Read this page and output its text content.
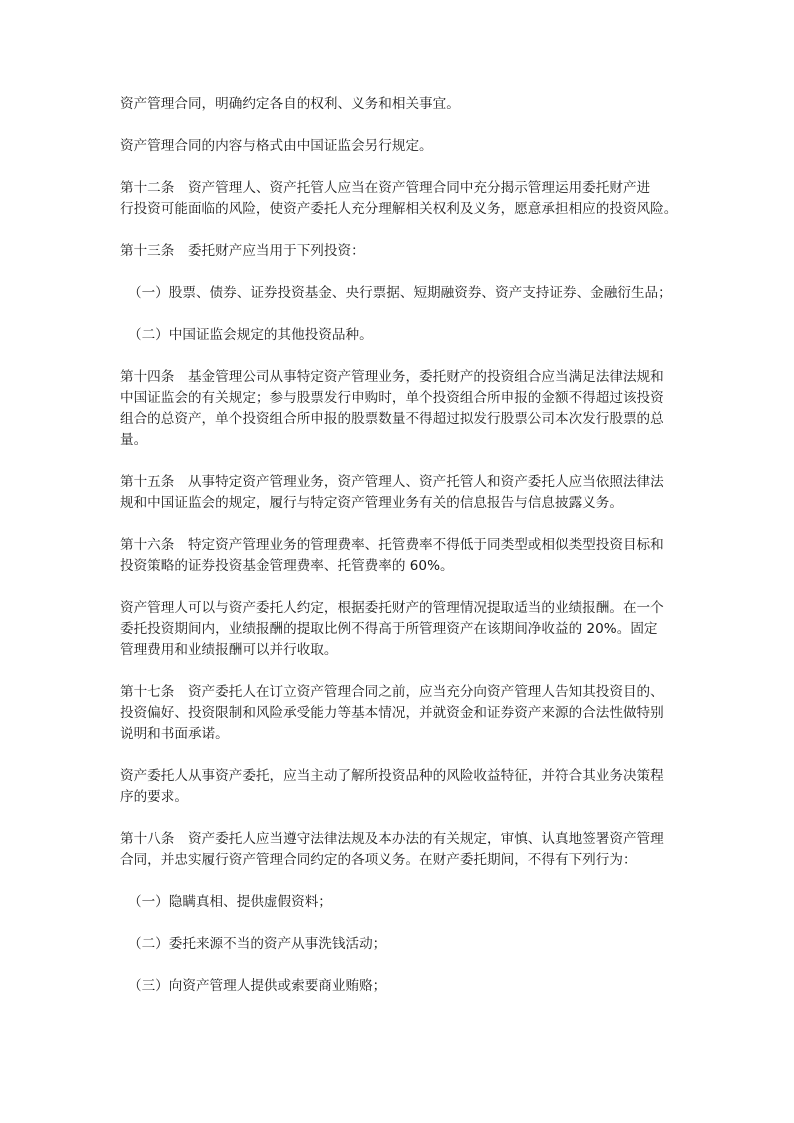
资产管理合同，明确约定各自的权利、义务和相关事宜。
资产管理合同的内容与格式由中国证监会另行规定。
第十二条　资产管理人、资产托管人应当在资产管理合同中充分揭示管理运用委托财产进
行投资可能面临的风险，使资产委托人充分理解相关权利及义务，愿意承担相应的投资风险。
第十三条　委托财产应当用于下列投资：
（一）股票、债券、证券投资基金、央行票据、短期融资券、资产支持证券、金融衍生品；
（二）中国证监会规定的其他投资品种。
第十四条　基金管理公司从事特定资产管理业务，委托财产的投资组合应当满足法律法规和
中国证监会的有关规定；参与股票发行申购时，单个投资组合所申报的金额不得超过该投资
组合的总资产，单个投资组合所申报的股票数量不得超过拟发行股票公司本次发行股票的总
量。
第十五条　从事特定资产管理业务，资产管理人、资产托管人和资产委托人应当依照法律法
规和中国证监会的规定，履行与特定资产管理业务有关的信息报告与信息披露义务。
第十六条　特定资产管理业务的管理费率、托管费率不得低于同类型或相似类型投资目标和
投资策略的证券投资基金管理费率、托管费率的 60%。
资产管理人可以与资产委托人约定，根据委托财产的管理情况提取适当的业绩报酬。在一个
委托投资期间内，业绩报酬的提取比例不得高于所管理资产在该期间净收益的 20%。固定
管理费用和业绩报酬可以并行收取。
第十七条　资产委托人在订立资产管理合同之前，应当充分向资产管理人告知其投资目的、
投资偏好、投资限制和风险承受能力等基本情况，并就资金和证券资产来源的合法性做特别
说明和书面承诺。
资产委托人从事资产委托，应当主动了解所投资品种的风险收益特征，并符合其业务决策程
序的要求。
第十八条　资产委托人应当遵守法律法规及本办法的有关规定，审慎、认真地签署资产管理
合同，并忠实履行资产管理合同约定的各项义务。在财产委托期间，不得有下列行为：
（一）隐瞒真相、提供虚假资料；
（二）委托来源不当的资产从事洗钱活动；
（三）向资产管理人提供或索要商业贿赂；
